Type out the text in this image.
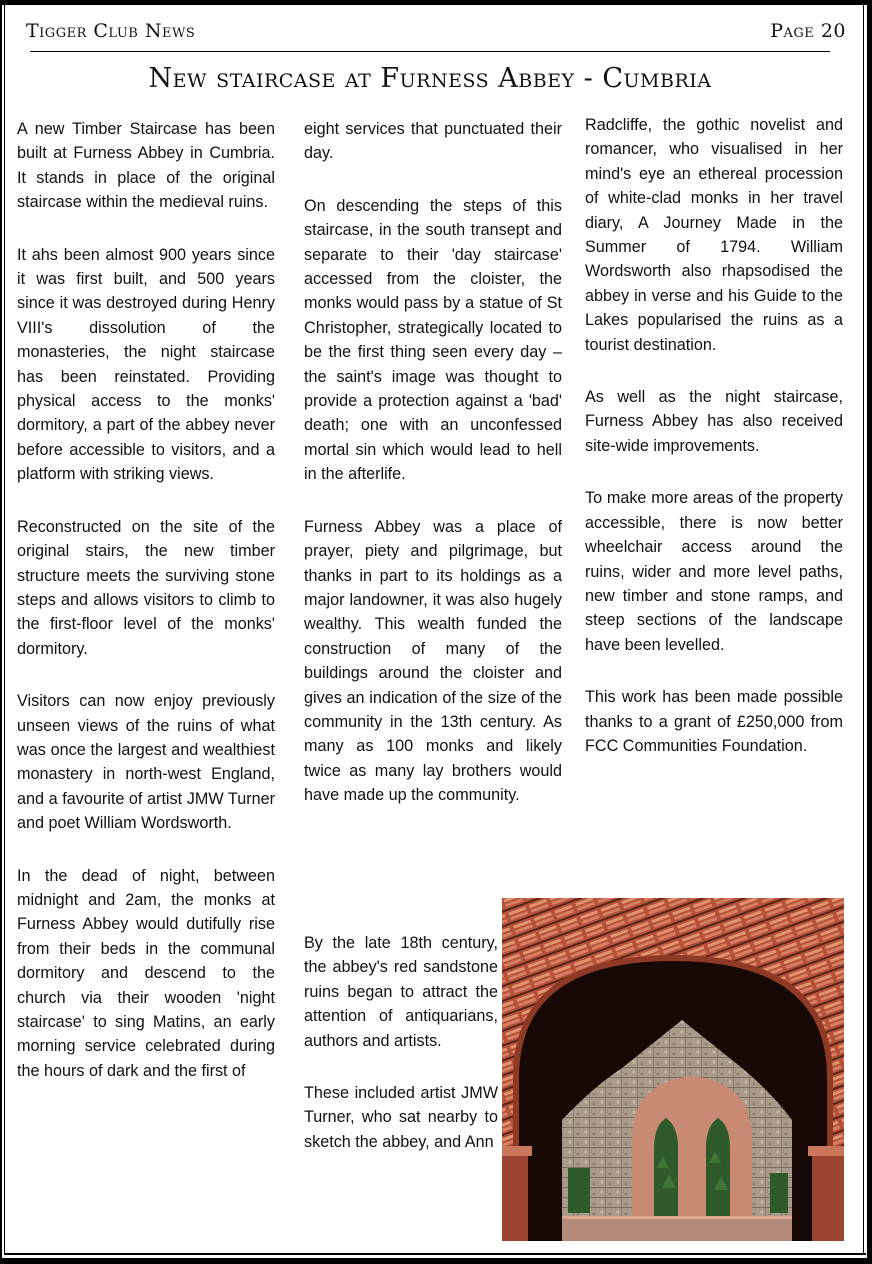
Tigger Club News	Page 20
New staircase at Furness Abbey - Cumbria

A new Timber Staircase has been built at Furness Abbey in Cumbria. It stands in place of the original staircase within the medieval ruins.

It ahs been almost 900 years since it was first built, and 500 years since it was destroyed during Henry VIII's dissolution of the monasteries, the night staircase has been reinstated. Providing physical access to the monks' dormitory, a part of the abbey never before accessible to visitors, and a platform with striking views.

Reconstructed on the site of the original stairs, the new timber structure meets the surviving stone steps and allows visitors to climb to the first-floor level of the monks' dormitory.

Visitors can now enjoy previously unseen views of the ruins of what was once the largest and wealthiest monastery in north-west England, and a favourite of artist JMW Turner and poet William Wordsworth.

In the dead of night, between midnight and 2am, the monks at Furness Abbey would dutifully rise from their beds in the communal dormitory and descend to the church via their wooden 'night staircase' to sing Matins, an early morning service celebrated during the hours of dark and the first of

eight services that punctuated their day.

On descending the steps of this staircase, in the south transept and separate to their 'day staircase' accessed from the cloister, the monks would pass by a statue of St Christopher, strategically located to be the first thing seen every day – the saint's image was thought to provide a protection against a 'bad' death; one with an unconfessed mortal sin which would lead to hell in the afterlife.

Furness Abbey was a place of prayer, piety and pilgrimage, but thanks in part to its holdings as a major landowner, it was also hugely wealthy. This wealth funded the construction of many of the buildings around the cloister and gives an indication of the size of the community in the 13th century. As many as 100 monks and likely twice as many lay brothers would have made up the community.

By the late 18th century, the abbey's red sandstone ruins began to attract the attention of antiquarians, authors and artists.

These included artist JMW Turner, who sat nearby to sketch the abbey, and Ann

Radcliffe, the gothic novelist and romancer, who visualised in her mind's eye an ethereal procession of white-clad monks in her travel diary, A Journey Made in the Summer of 1794. William Wordsworth also rhapsodised the abbey in verse and his Guide to the Lakes popularised the ruins as a tourist destination.

As well as the night staircase, Furness Abbey has also received site-wide improvements.

To make more areas of the property accessible, there is now better wheelchair access around the ruins, wider and more level paths, new timber and stone ramps, and steep sections of the landscape have been levelled.

This work has been made possible thanks to a grant of £250,000 from FCC Communities Foundation.
